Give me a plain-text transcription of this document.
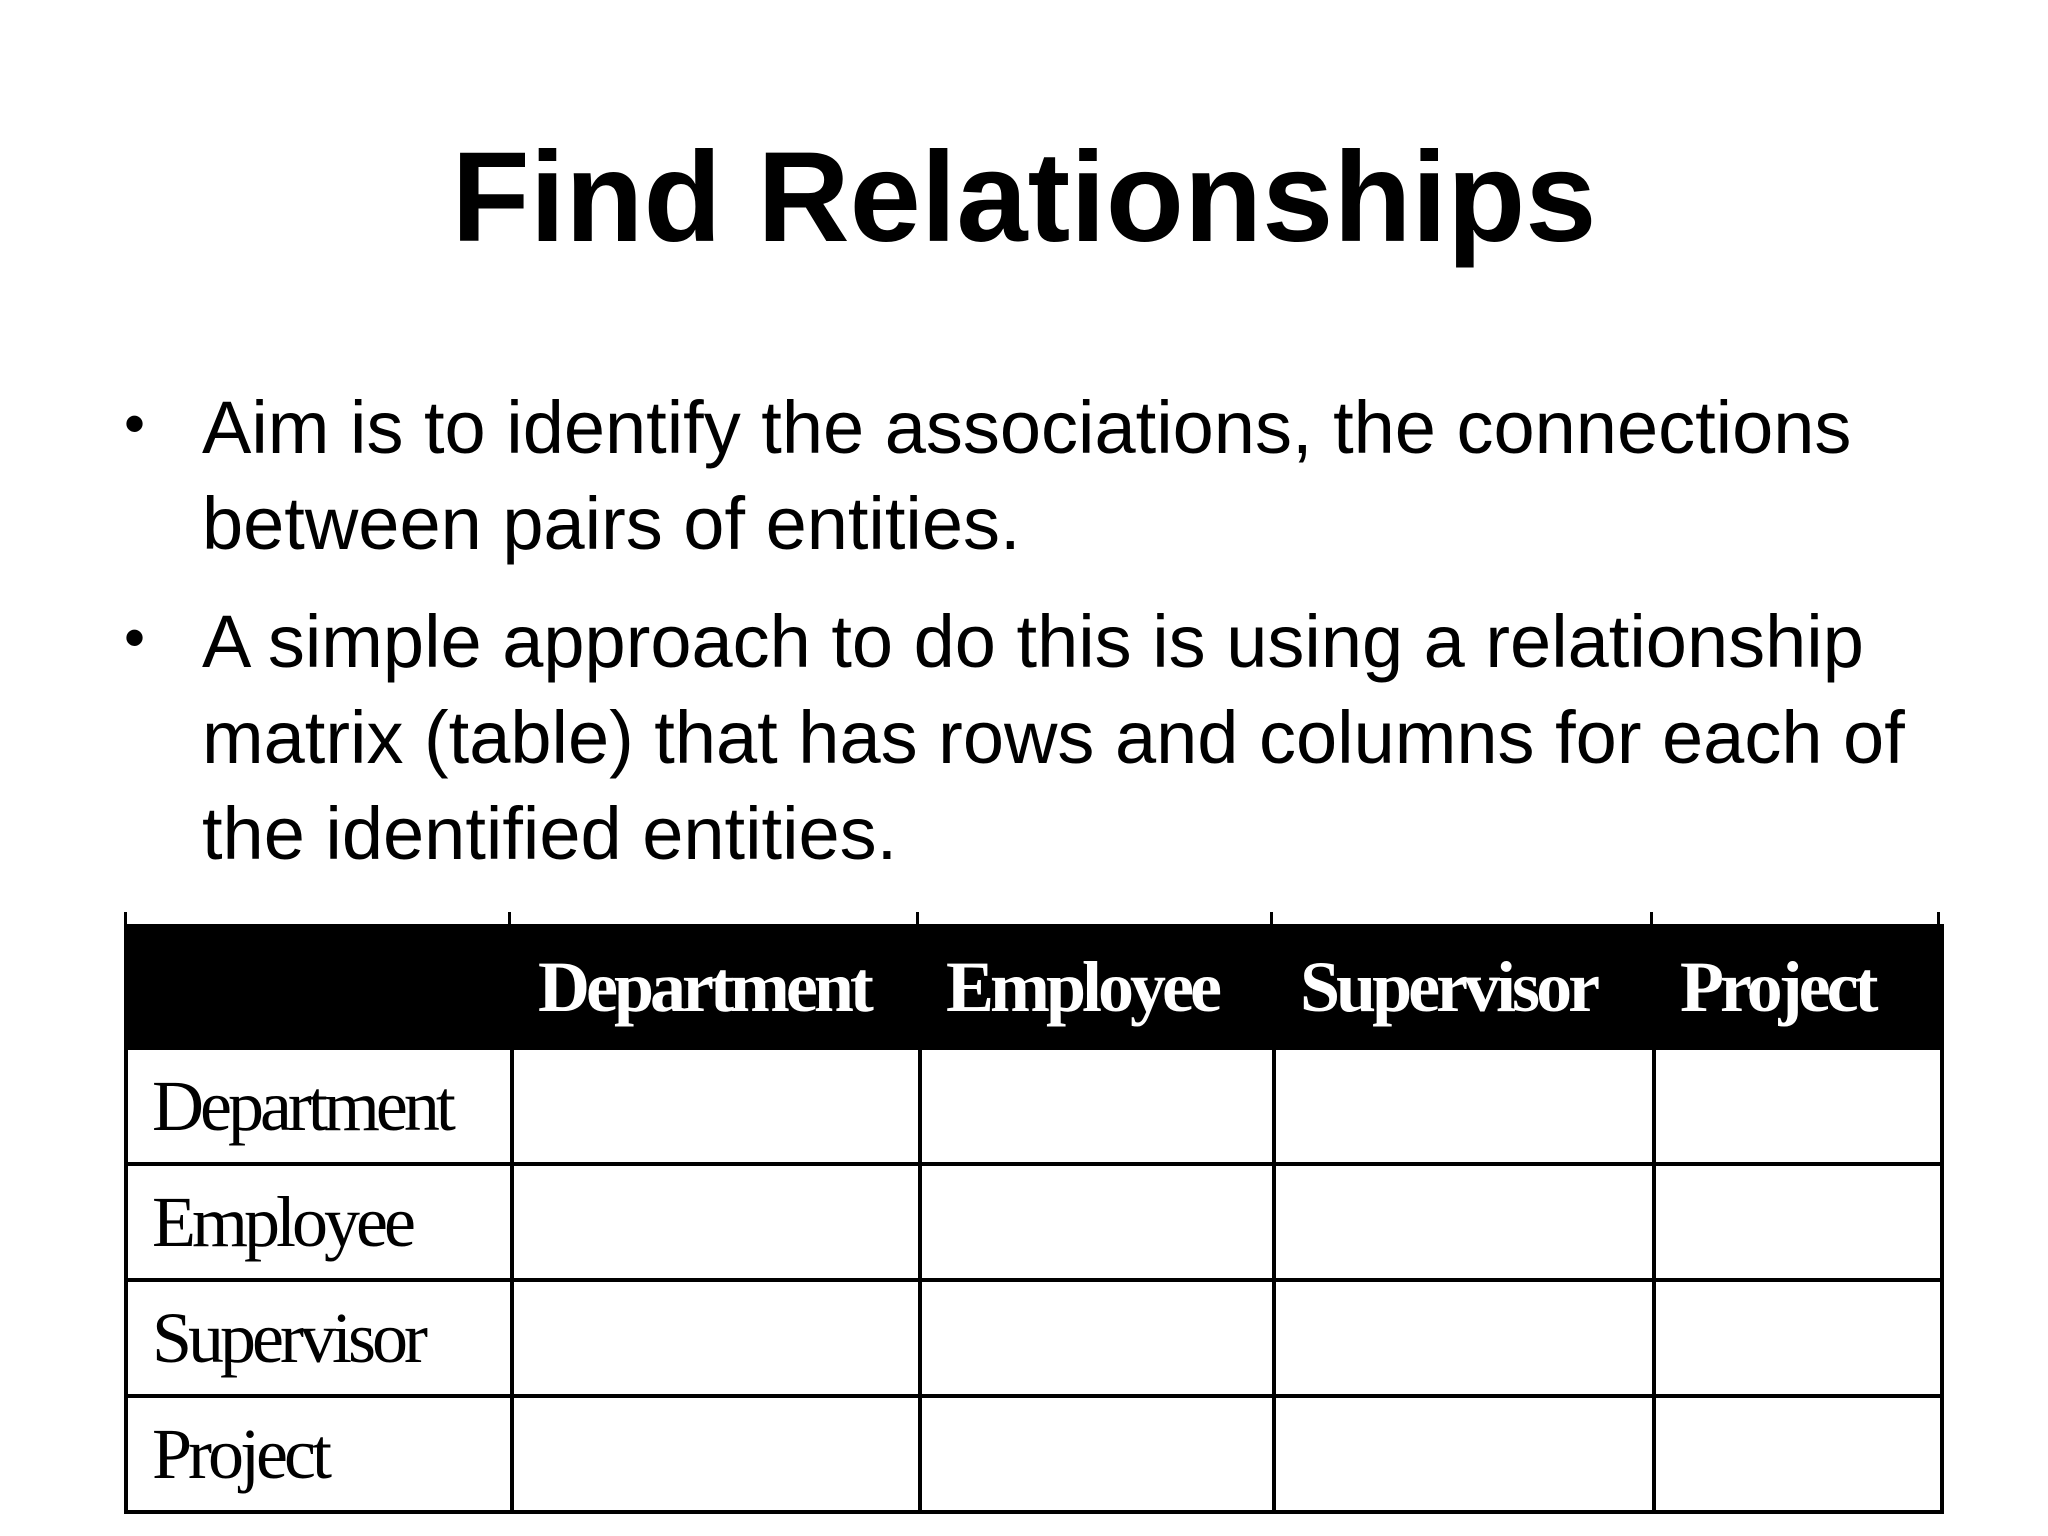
Find Relationships
• Aim is to identify the associations, the connections between pairs of entities.
• A simple approach to do this is using a relationship matrix (table) that has rows and columns for each of the identified entities.
	Department	Employee	Supervisor	Project
Department				
Employee				
Supervisor				
Project				
